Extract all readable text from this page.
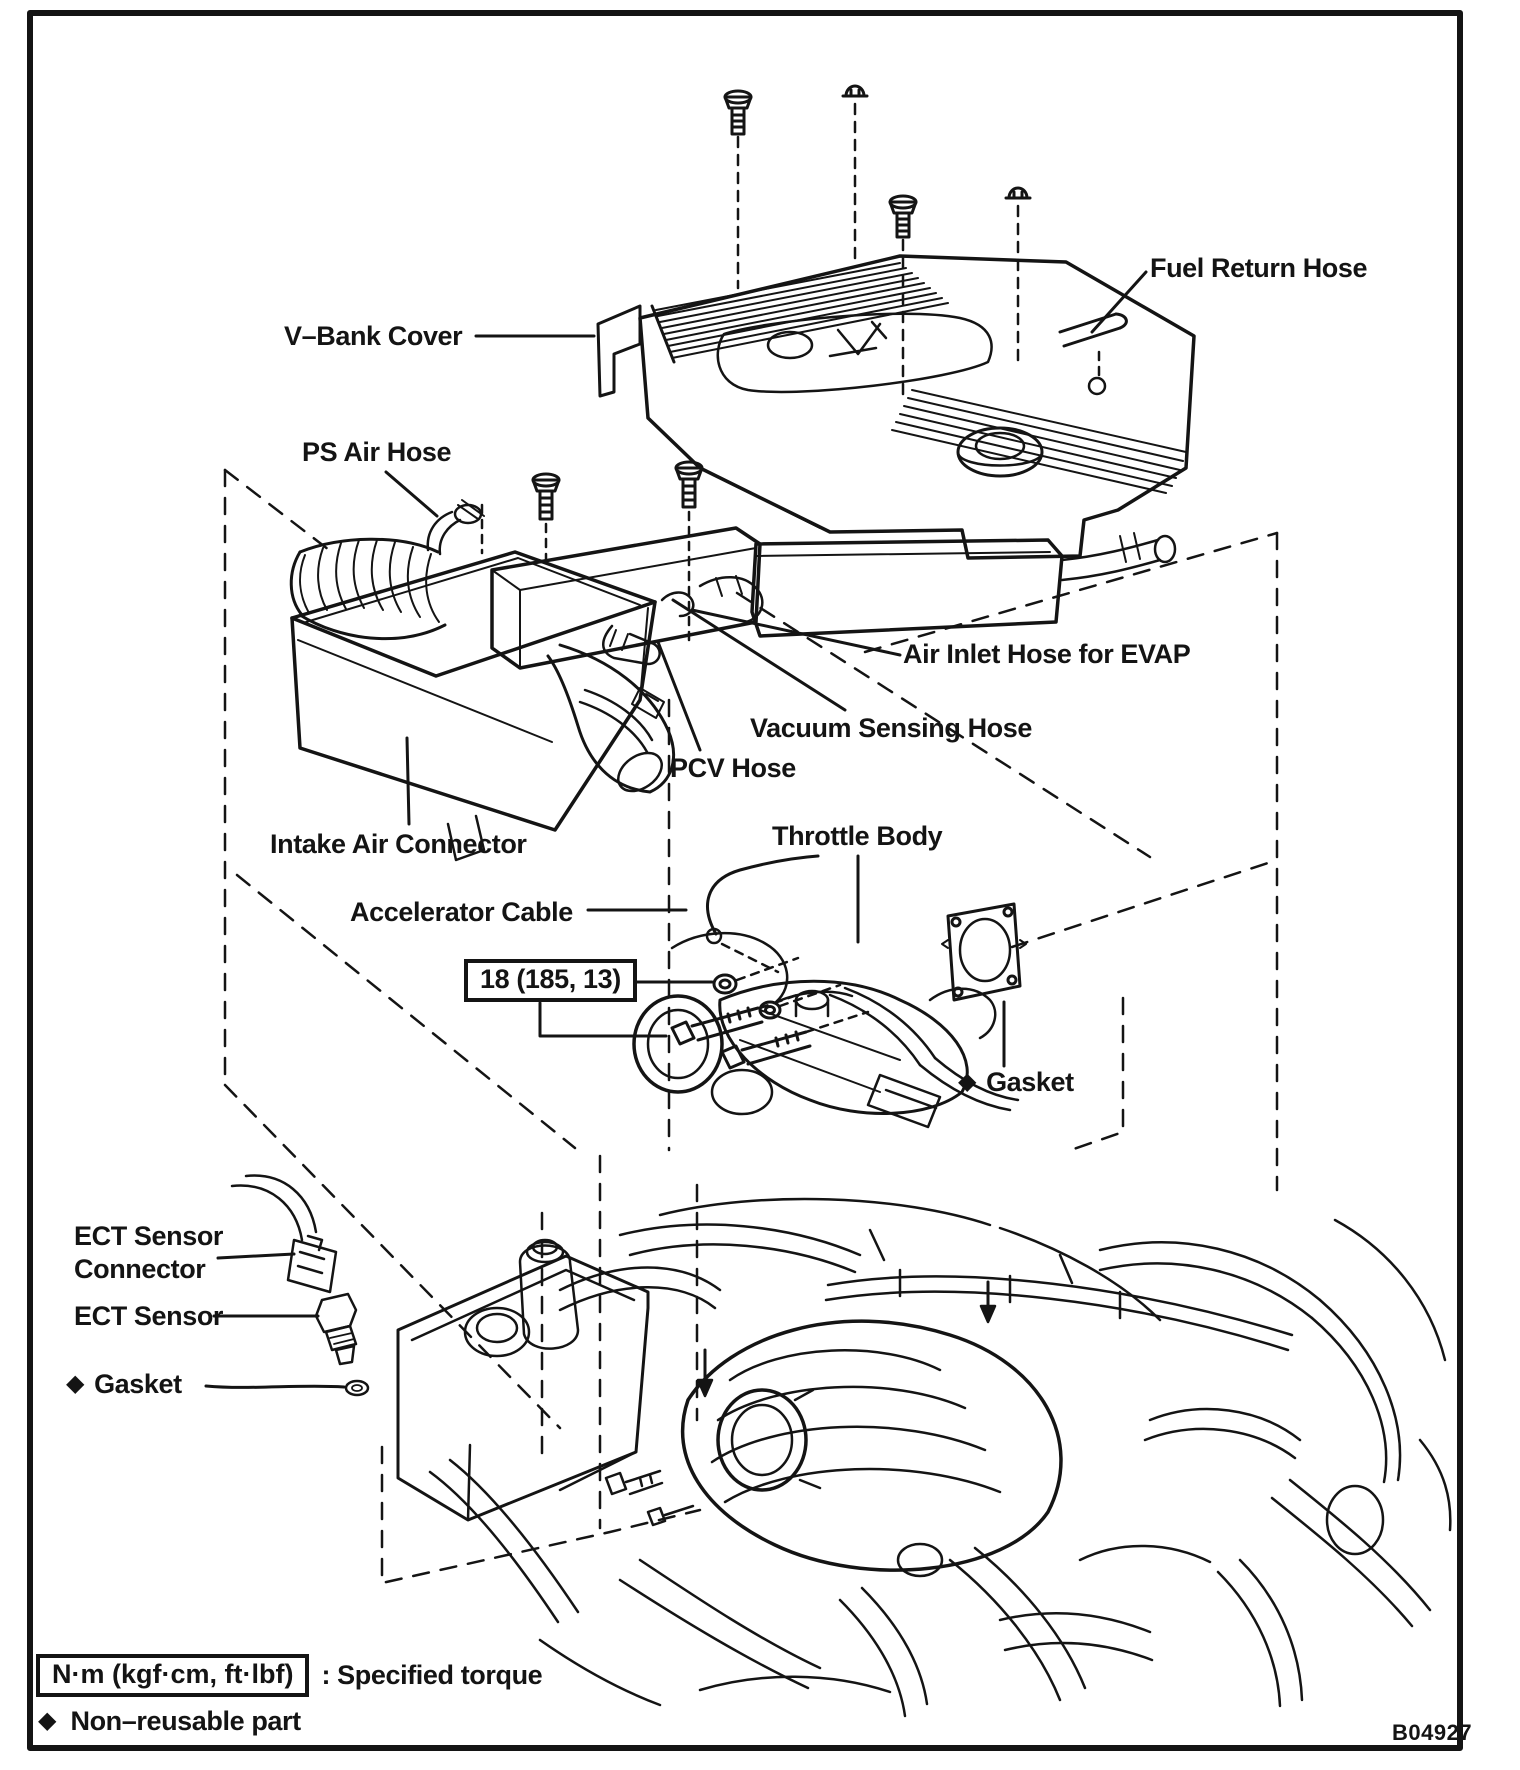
Fuel Return Hose
V–Bank Cover
PS Air Hose
Air Inlet Hose for EVAP
Vacuum Sensing Hose
PCV Hose
Intake Air Connector	Throttle Body
Accelerator Cable
18 (185, 13)
◆ Gasket
ECT Sensor
Connector
ECT Sensor
◆ Gasket
N·m (kgf·cm, ft·lbf)	: Specified torque
◆ Non–reusable part	B04927
